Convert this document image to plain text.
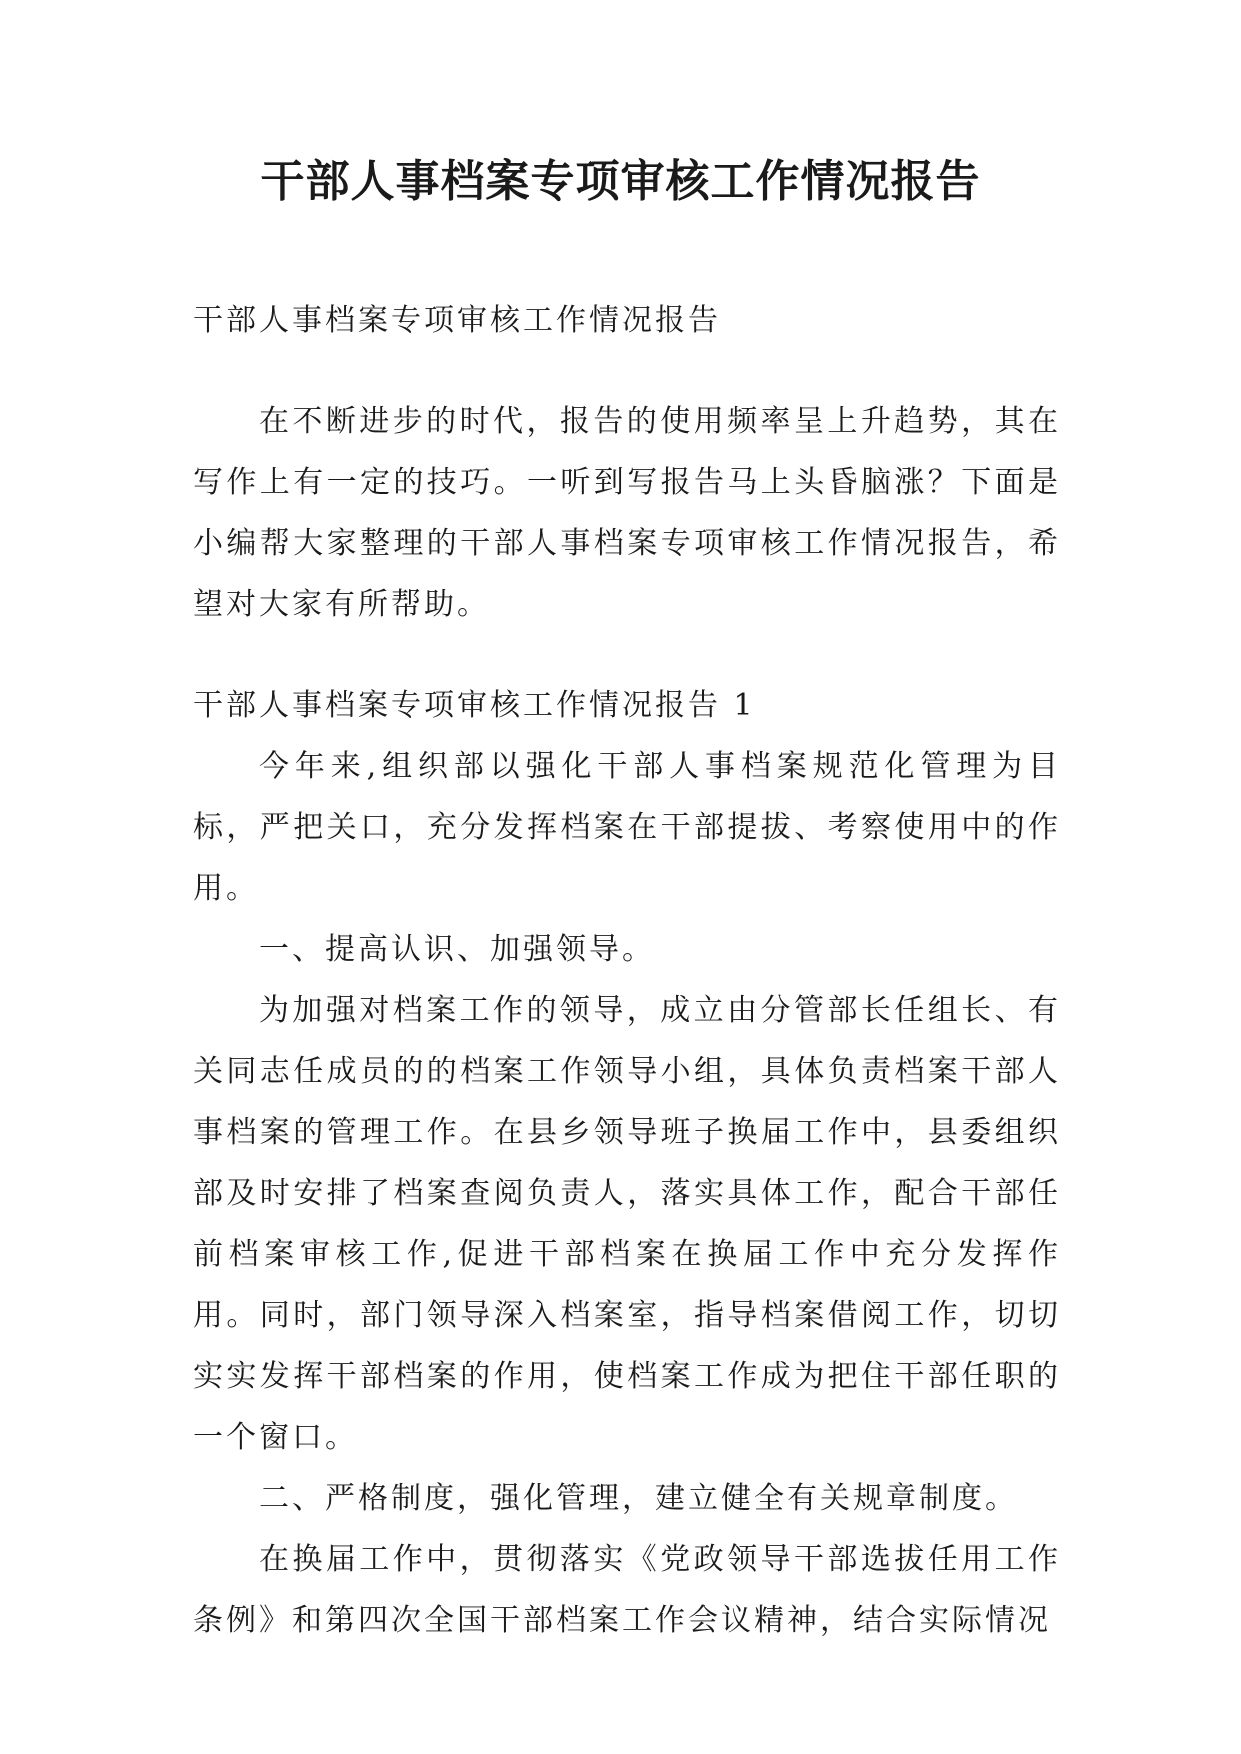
干部人事档案专项审核工作情况报告

干部人事档案专项审核工作情况报告

在不断进步的时代，报告的使用频率呈上升趋势，其在写作上有一定的技巧。一听到写报告马上头昏脑涨？下面是小编帮大家整理的干部人事档案专项审核工作情况报告，希望对大家有所帮助。

干部人事档案专项审核工作情况报告 1

今年来,组织部以强化干部人事档案规范化管理为目标，严把关口，充分发挥档案在干部提拔、考察使用中的作用。

一、提高认识、加强领导。

为加强对档案工作的领导，成立由分管部长任组长、有关同志任成员的的档案工作领导小组，具体负责档案干部人事档案的管理工作。在县乡领导班子换届工作中，县委组织部及时安排了档案查阅负责人，落实具体工作，配合干部任前档案审核工作,促进干部档案在换届工作中充分发挥作用。同时，部门领导深入档案室，指导档案借阅工作，切切实实发挥干部档案的作用，使档案工作成为把住干部任职的一个窗口。

二、严格制度，强化管理，建立健全有关规章制度。

在换届工作中，贯彻落实《党政领导干部选拔任用工作条例》和第四次全国干部档案工作会议精神，结合实际情况
